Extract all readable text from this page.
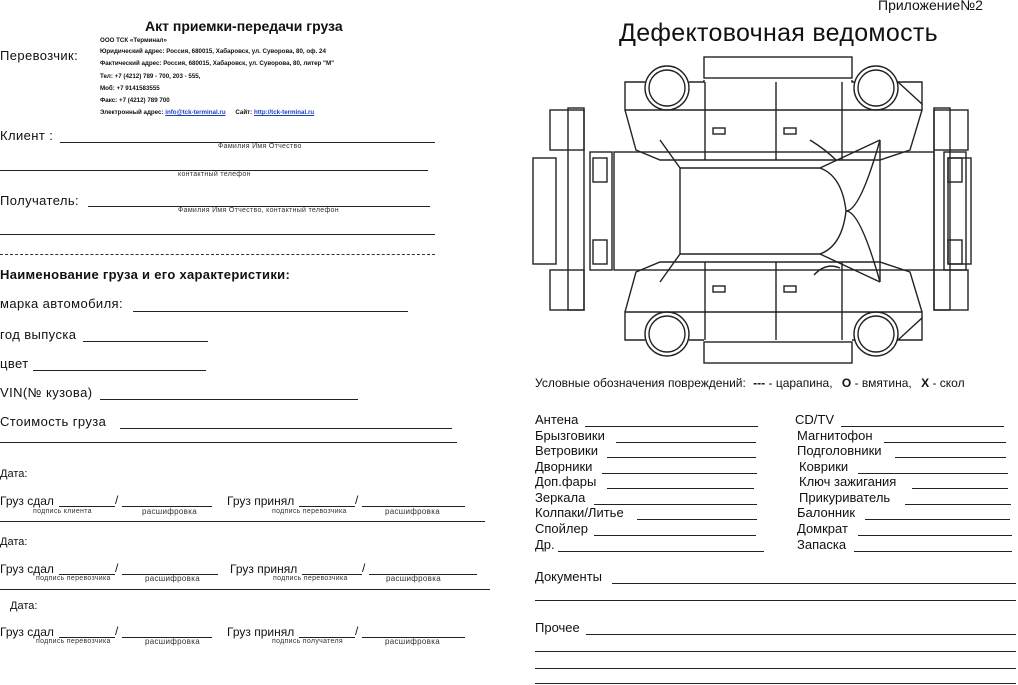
Акт приемки-передачи груза
Перевозчик:
ООО ТСК «Терминал»
Юридический адрес: Россия, 680015, Хабаровск, ул. Суворова, 80, оф. 24
Фактический адрес: Россия, 680015, Хабаровск, ул. Суворова, 80, литер "М"
Тел: +7 (4212) 789 - 700, 203 - 555,
Моб: +7 9141583555
Факс: +7 (4212) 789 700
Электронный адрес: info@tck-terminal.ru Сайт: http://tck-terminal.ru
Клиент :
Фамилия Имя Отчество
контактный телефон
Получатель:
Фамилия Имя Отчество, контактный телефон
Наименование груза и его характеристики:
марка автомобиля:
год выпуска
цвет
VIN(№ кузова)
Стоимость груза
Дата:
Груз сдал	/
подпись клиента	расшифровка
Груз принял	/
подпись перевозчика	расшифровка
Дата:
Груз сдал	/
подпись перевозчика	расшифровка
Груз принял	/
подпись перевозчика	расшифровка
Дата:
Груз сдал	/
подпись перевозчика	расшифровка
Груз принял	/
подпись получателя	расшифровка
Приложение№2
Дефектовочная ведомость
Условные обозначения повреждений: --- - царапина, О - вмятина, Х - скол
Антена
Брызговики
Ветровики
Дворники
Доп.фары
Зеркала
Колпаки/Литье
Спойлер
Др.
CD/TV
Магнитофон
Подголовники
Коврики
Ключ зажигания
Прикуриватель
Балонник
Домкрат
Запаска
Документы
Прочее
